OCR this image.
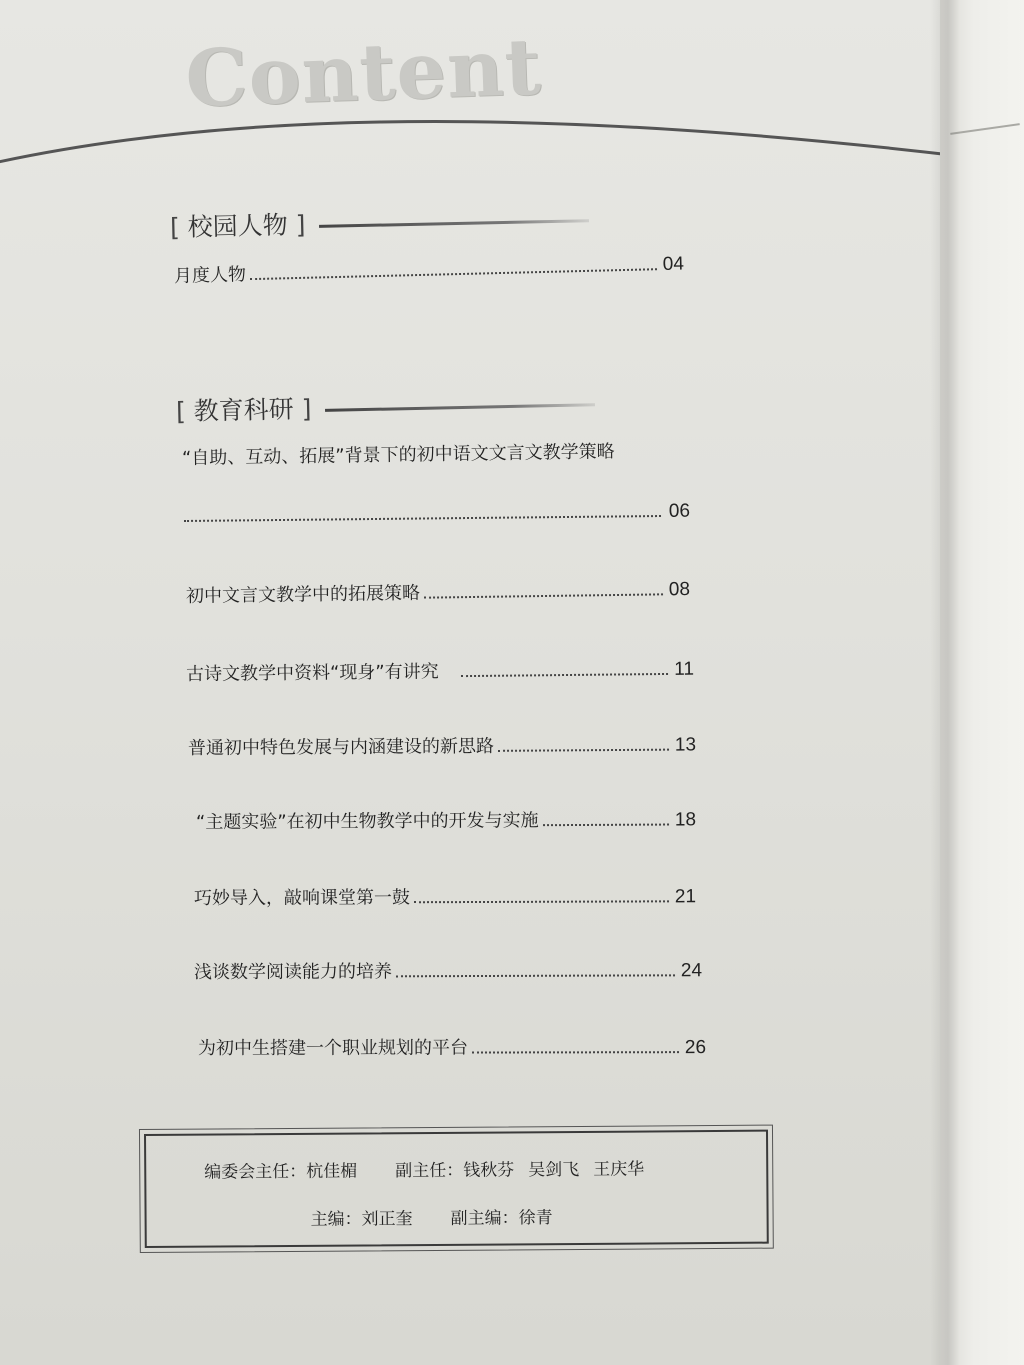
Content
[ 校园人物 ]
月度人物	04
[ 教育科研 ]
“自助、互动、拓展”背景下的初中语文文言文教学策略
06
初中文言文教学中的拓展策略	08
古诗文教学中资料“现身”有讲究	11
普通初中特色发展与内涵建设的新思路	13
“主题实验”在初中生物教学中的开发与实施	18
巧妙导入，敲响课堂第一鼓	21
浅谈数学阅读能力的培养	24
为初中生搭建一个职业规划的平台	26
编委会主任：杭佳楣 副主任：钱秋芬 吴剑飞 王庆华
主编：刘正奎 副主编：徐青
